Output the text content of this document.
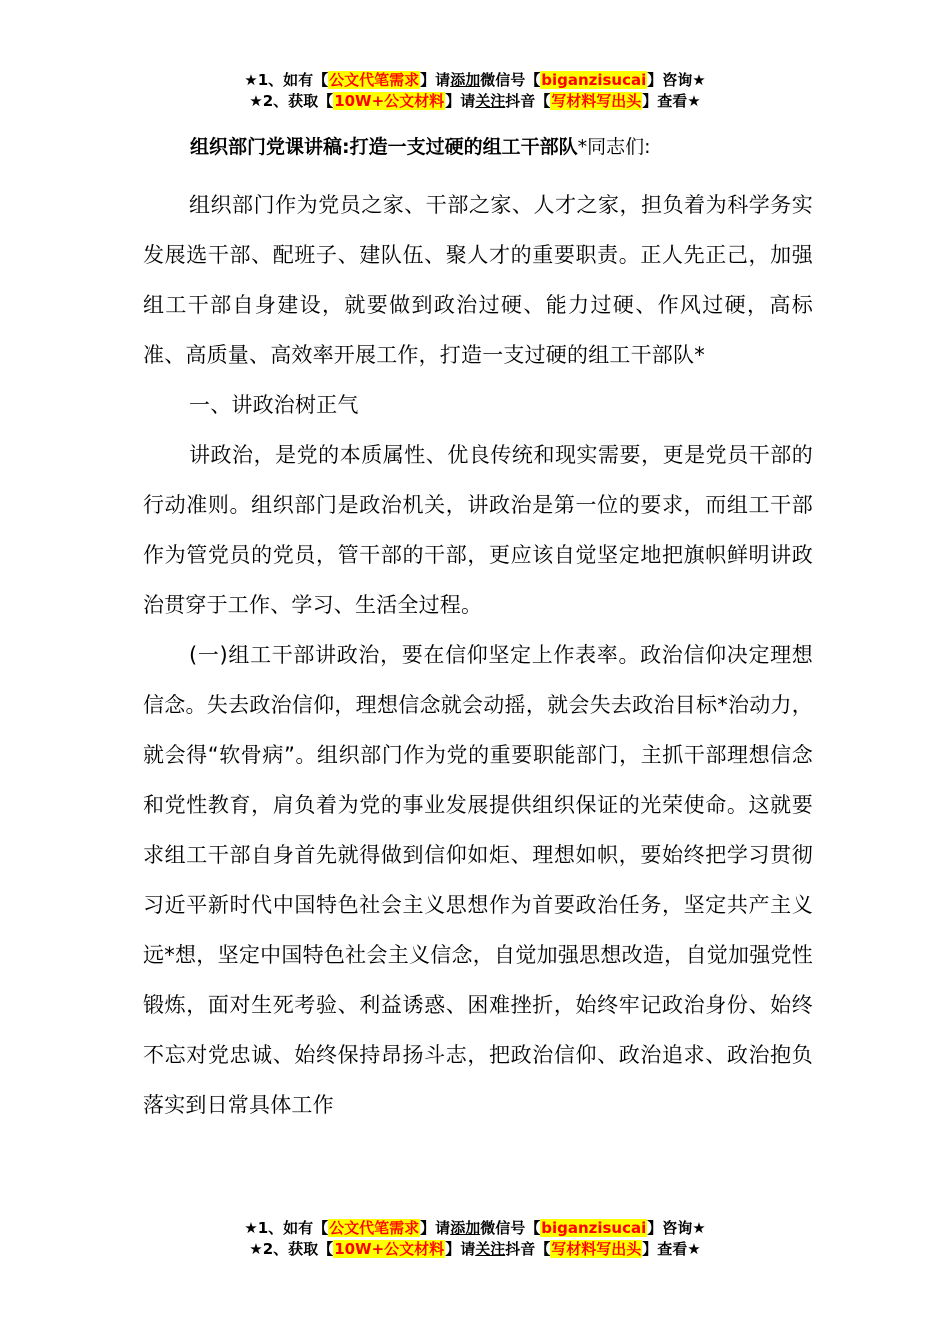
★1、如有【公文代笔需求】请添加微信号【biganzisucai】咨询★
★2、获取【10W+公文材料】请关注抖音【写材料写出头】查看★
组织部门党课讲稿:打造一支过硬的组工干部队*同志们:

组织部门作为党员之家、干部之家、人才之家，担负着为科学务实发展选干部、配班子、建队伍、聚人才的重要职责。正人先正己，加强组工干部自身建设，就要做到政治过硬、能力过硬、作风过硬，高标准、高质量、高效率开展工作，打造一支过硬的组工干部队*

一、讲政治树正气

讲政治，是党的本质属性、优良传统和现实需要，更是党员干部的行动准则。组织部门是政治机关，讲政治是第一位的要求，而组工干部作为管党员的党员，管干部的干部，更应该自觉坚定地把旗帜鲜明讲政治贯穿于工作、学习、生活全过程。

(一)组工干部讲政治，要在信仰坚定上作表率。政治信仰决定理想信念。失去政治信仰，理想信念就会动摇，就会失去政治目标*治动力，就会得“软骨病”。组织部门作为党的重要职能部门，主抓干部理想信念和党性教育，肩负着为党的事业发展提供组织保证的光荣使命。这就要求组工干部自身首先就得做到信仰如炬、理想如帜，要始终把学习贯彻习近平新时代中国特色社会主义思想作为首要政治任务，坚定共产主义远*想，坚定中国特色社会主义信念，自觉加强思想改造，自觉加强党性锻炼，面对生死考验、利益诱惑、困难挫折，始终牢记政治身份、始终不忘对党忠诚、始终保持昂扬斗志，把政治信仰、政治追求、政治抱负落实到日常具体工作

★1、如有【公文代笔需求】请添加微信号【biganzisucai】咨询★
★2、获取【10W+公文材料】请关注抖音【写材料写出头】查看★
